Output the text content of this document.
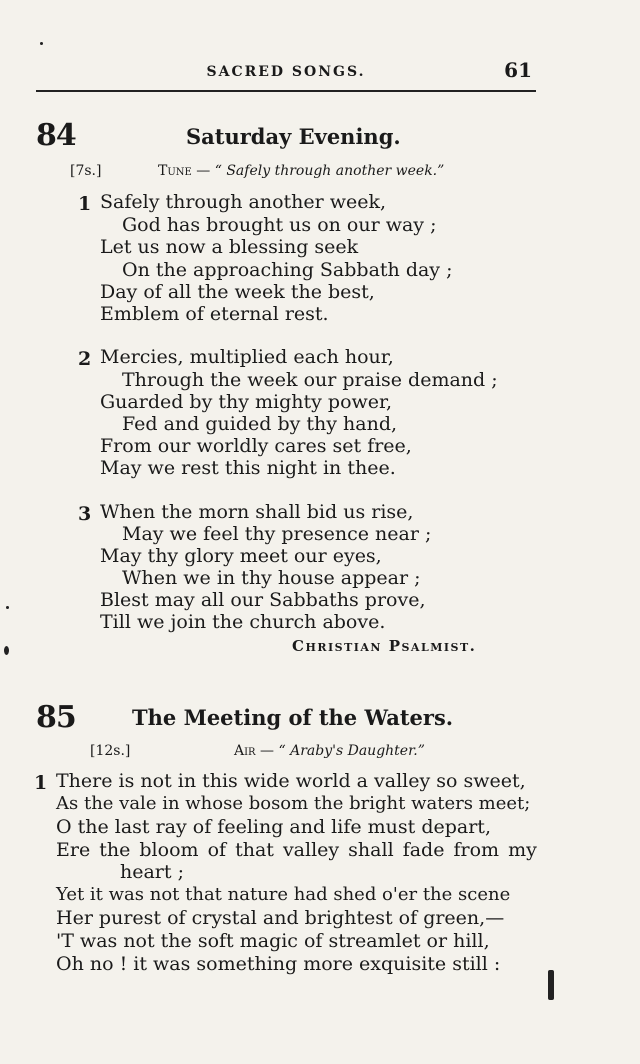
SACRED SONGS.	61
84	Saturday Evening.
[7s.]	Tune — “ Safely through another week.”
1 Safely through another week,
God has brought us on our way ;
Let us now a blessing seek
On the approaching Sabbath day ;
Day of all the week the best,
Emblem of eternal rest.
2 Mercies, multiplied each hour,
Through the week our praise demand ;
Guarded by thy mighty power,
Fed and guided by thy hand,
From our worldly cares set free,
May we rest this night in thee.
3 When the morn shall bid us rise,
May we feel thy presence near ;
May thy glory meet our eyes,
When we in thy house appear ;
Blest may all our Sabbaths prove,
Till we join the church above.
Christian Psalmist.
85	The Meeting of the Waters.
[12s.]	Air — “ Araby's Daughter.”
1 There is not in this wide world a valley so sweet,
As the vale in whose bosom the bright waters meet;
O the last ray of feeling and life must depart,
Ere the bloom of that valley shall fade from my
heart ;
Yet it was not that nature had shed o'er the scene
Her purest of crystal and brightest of green,—
'T was not the soft magic of streamlet or hill,
Oh no ! it was something more exquisite still :
